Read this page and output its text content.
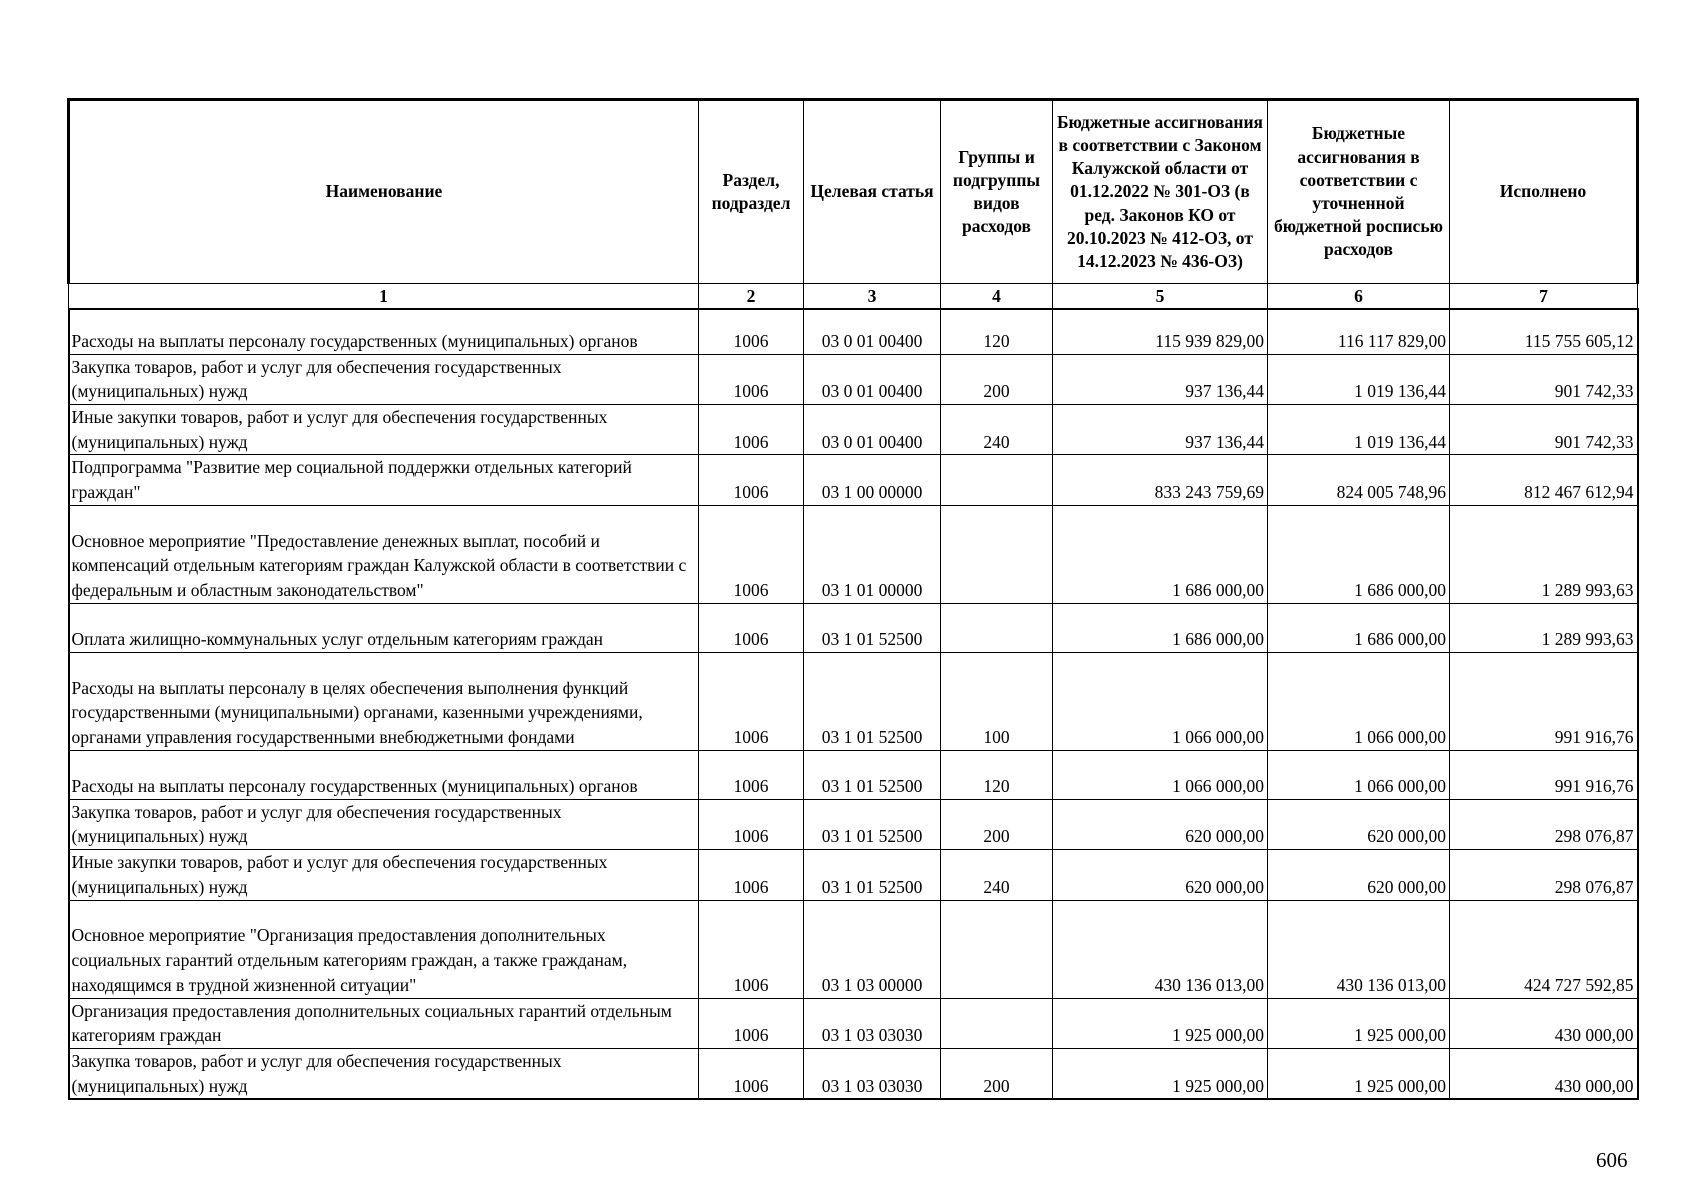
Наименование	Раздел, подраздел	Целевая статья	Группы и подгруппы видов расходов	Бюджетные ассигнования в соответствии с Законом Калужской области от 01.12.2022 № 301-ОЗ (в ред. Законов КО от 20.10.2023 № 412-ОЗ, от 14.12.2023 № 436-ОЗ)	Бюджетные ассигнования в соответствии с уточненной бюджетной росписью расходов	Исполнено
1	2	3	4	5	6	7
Расходы на выплаты персоналу государственных (муниципальных) органов	1006	03 0 01 00400	120	115 939 829,00	116 117 829,00	115 755 605,12
Закупка товаров, работ и услуг для обеспечения государственных (муниципальных) нужд	1006	03 0 01 00400	200	937 136,44	1 019 136,44	901 742,33
Иные закупки товаров, работ и услуг для обеспечения государственных (муниципальных) нужд	1006	03 0 01 00400	240	937 136,44	1 019 136,44	901 742,33
Подпрограмма "Развитие мер социальной поддержки отдельных категорий граждан"	1006	03 1 00 00000		833 243 759,69	824 005 748,96	812 467 612,94
Основное мероприятие "Предоставление денежных выплат, пособий и компенсаций отдельным категориям граждан Калужской области в соответствии с федеральным и областным законодательством"	1006	03 1 01 00000		1 686 000,00	1 686 000,00	1 289 993,63
Оплата жилищно-коммунальных услуг отдельным категориям граждан	1006	03 1 01 52500		1 686 000,00	1 686 000,00	1 289 993,63
Расходы на выплаты персоналу в целях обеспечения выполнения функций государственными (муниципальными) органами, казенными учреждениями, органами управления государственными внебюджетными фондами	1006	03 1 01 52500	100	1 066 000,00	1 066 000,00	991 916,76
Расходы на выплаты персоналу государственных (муниципальных) органов	1006	03 1 01 52500	120	1 066 000,00	1 066 000,00	991 916,76
Закупка товаров, работ и услуг для обеспечения государственных (муниципальных) нужд	1006	03 1 01 52500	200	620 000,00	620 000,00	298 076,87
Иные закупки товаров, работ и услуг для обеспечения государственных (муниципальных) нужд	1006	03 1 01 52500	240	620 000,00	620 000,00	298 076,87
Основное мероприятие "Организация предоставления дополнительных социальных гарантий отдельным категориям граждан, а также гражданам, находящимся в трудной жизненной ситуации"	1006	03 1 03 00000		430 136 013,00	430 136 013,00	424 727 592,85
Организация предоставления дополнительных социальных гарантий отдельным категориям граждан	1006	03 1 03 03030		1 925 000,00	1 925 000,00	430 000,00
Закупка товаров, работ и услуг для обеспечения государственных (муниципальных) нужд	1006	03 1 03 03030	200	1 925 000,00	1 925 000,00	430 000,00
606
